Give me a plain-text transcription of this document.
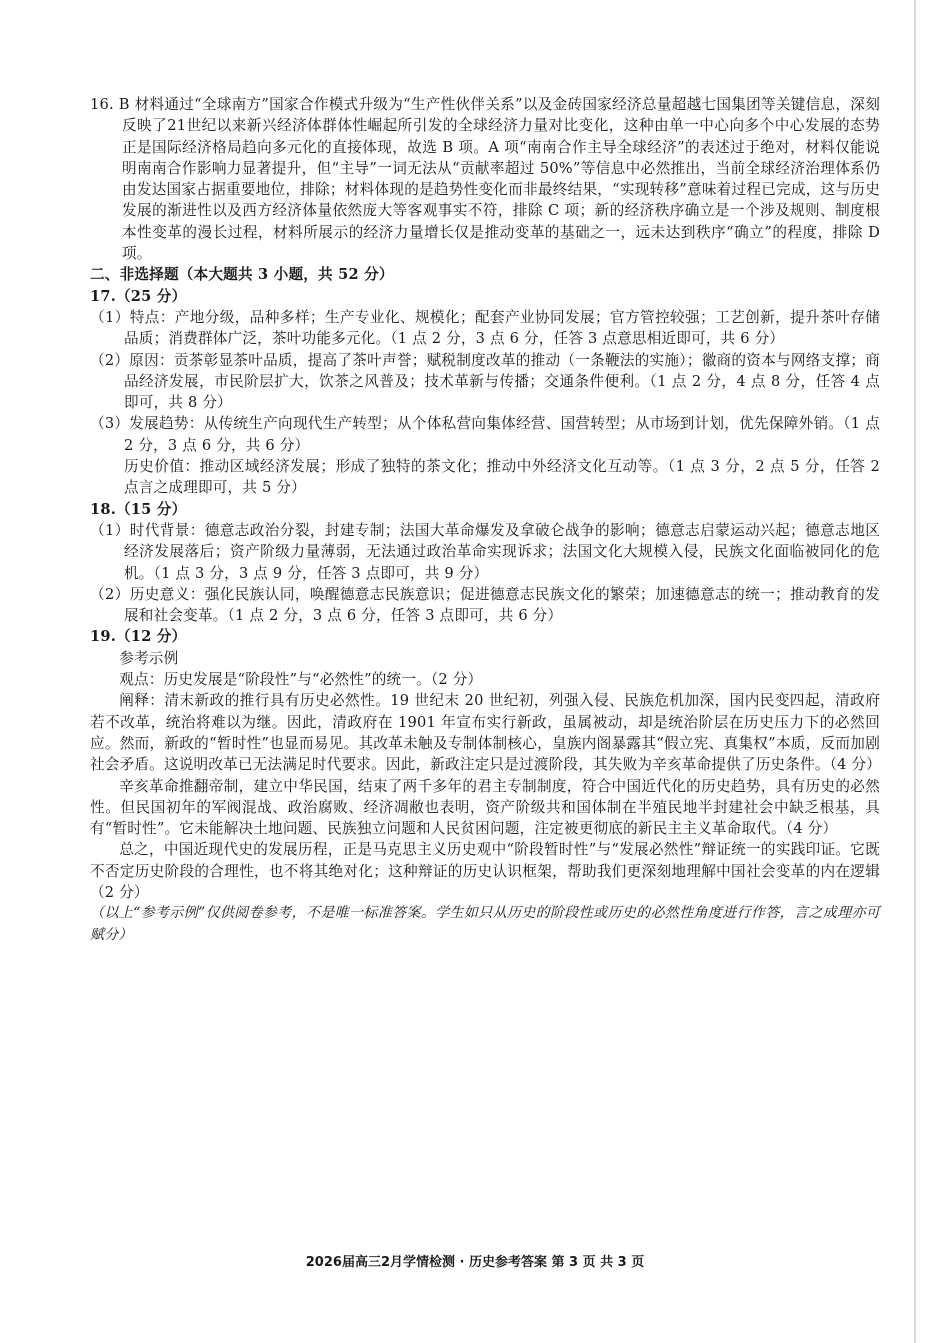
16. B 材料通过“全球南方”国家合作模式升级为“生产性伙伴关系”以及金砖国家经济总量超越七国集团等关键信息，深刻反映了21世纪以来新兴经济体群体性崛起所引发的全球经济力量对比变化，这种由单一中心向多个中心发展的态势正是国际经济格局趋向多元化的直接体现，故选 B 项。A 项“南南合作主导全球经济”的表述过于绝对，材料仅能说明南南合作影响力显著提升，但“主导”一词无法从“贡献率超过 50%”等信息中必然推出，当前全球经济治理体系仍由发达国家占据重要地位，排除；材料体现的是趋势性变化而非最终结果，“实现转移”意味着过程已完成，这与历史发展的渐进性以及西方经济体量依然庞大等客观事实不符，排除 C 项；新的经济秩序确立是一个涉及规则、制度根本性变革的漫长过程，材料所展示的经济力量增长仅是推动变革的基础之一，远未达到秩序“确立”的程度，排除 D 项。

二、非选择题（本大题共 3 小题，共 52 分）

17.（25 分）

（1）特点：产地分级，品种多样；生产专业化、规模化；配套产业协同发展；官方管控较强；工艺创新，提升茶叶存储品质；消费群体广泛，茶叶功能多元化。（1 点 2 分，3 点 6 分，任答 3 点意思相近即可，共 6 分）

（2）原因：贡茶彰显茶叶品质，提高了茶叶声誉；赋税制度改革的推动（一条鞭法的实施）；徽商的资本与网络支撑；商品经济发展，市民阶层扩大，饮茶之风普及；技术革新与传播；交通条件便利。（1 点 2 分，4 点 8 分，任答 4 点即可，共 8 分）

（3）发展趋势：从传统生产向现代生产转型；从个体私营向集体经营、国营转型；从市场到计划，优先保障外销。（1 点 2 分，3 点 6 分，共 6 分）

历史价值：推动区域经济发展；形成了独特的茶文化；推动中外经济文化互动等。（1 点 3 分，2 点 5 分，任答 2 点言之成理即可，共 5 分）

18.（15 分）

（1）时代背景：德意志政治分裂，封建专制；法国大革命爆发及拿破仑战争的影响；德意志启蒙运动兴起；德意志地区经济发展落后；资产阶级力量薄弱，无法通过政治革命实现诉求；法国文化大规模入侵，民族文化面临被同化的危机。（1 点 3 分，3 点 9 分，任答 3 点即可，共 9 分）

（2）历史意义：强化民族认同，唤醒德意志民族意识；促进德意志民族文化的繁荣；加速德意志的统一；推动教育的发展和社会变革。（1 点 2 分，3 点 6 分，任答 3 点即可，共 6 分）

19.（12 分）

参考示例

观点：历史发展是“阶段性”与“必然性”的统一。（2 分）

阐释：清末新政的推行具有历史必然性。19 世纪末 20 世纪初，列强入侵、民族危机加深，国内民变四起，清政府若不改革，统治将难以为继。因此，清政府在 1901 年宣布实行新政，虽属被动，却是统治阶层在历史压力下的必然回应。然而，新政的“暂时性”也显而易见。其改革未触及专制体制核心，皇族内阁暴露其“假立宪、真集权”本质，反而加剧社会矛盾。这说明改革已无法满足时代要求。因此，新政注定只是过渡阶段，其失败为辛亥革命提供了历史条件。（4 分）

辛亥革命推翻帝制，建立中华民国，结束了两千多年的君主专制制度，符合中国近代化的历史趋势，具有历史的必然性。但民国初年的军阀混战、政治腐败、经济凋敝也表明，资产阶级共和国体制在半殖民地半封建社会中缺乏根基，具有“暂时性”。它未能解决土地问题、民族独立问题和人民贫困问题，注定被更彻底的新民主主义革命取代。（4 分）

总之，中国近现代史的发展历程，正是马克思主义历史观中“阶段暂时性”与“发展必然性”辩证统一的实践印证。它既不否定历史阶段的合理性，也不将其绝对化；这种辩证的历史认识框架，帮助我们更深刻地理解中国社会变革的内在逻辑（2 分）

（以上“参考示例”仅供阅卷参考，不是唯一标准答案。学生如只从历史的阶段性或历史的必然性角度进行作答，言之成理亦可赋分）

2026届高三2月学情检测 · 历史参考答案 第 3 页 共 3 页
